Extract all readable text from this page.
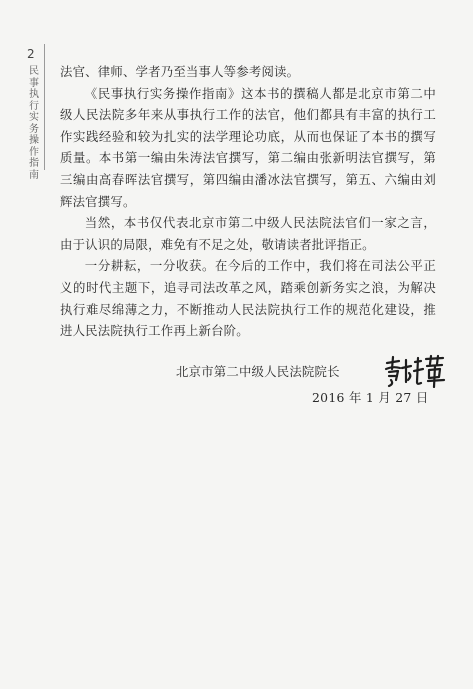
2
民事执行实务操作指南

法官、律师、学者乃至当事人等参考阅读。

《民事执行实务操作指南》这本书的撰稿人都是北京市第二中级人民法院多年来从事执行工作的法官，他们都具有丰富的执行工作实践经验和较为扎实的法学理论功底，从而也保证了本书的撰写质量。本书第一编由朱涛法官撰写，第二编由张新明法官撰写，第三编由高春晖法官撰写，第四编由潘冰法官撰写，第五、六编由刘辉法官撰写。

当然，本书仅代表北京市第二中级人民法院法官们一家之言，由于认识的局限，难免有不足之处，敬请读者批评指正。

一分耕耘，一分收获。在今后的工作中，我们将在司法公平正义的时代主题下，追寻司法改革之风，踏乘创新务实之浪，为解决执行难尽绵薄之力，不断推动人民法院执行工作的规范化建设，推进人民法院执行工作再上新台阶。

北京市第二中级人民法院院长
2016 年 1 月 27 日
